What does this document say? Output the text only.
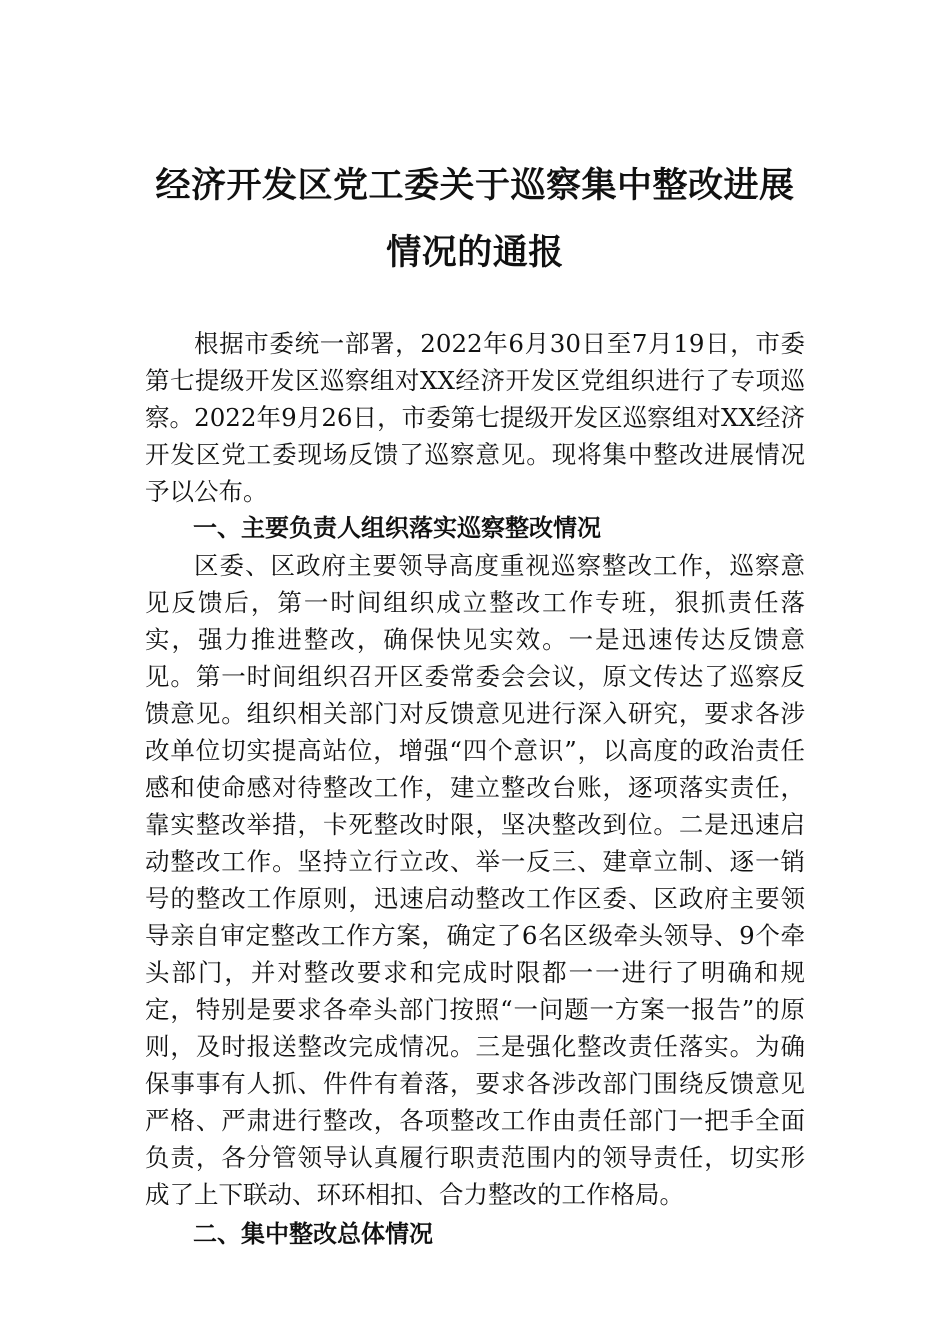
经济开发区党工委关于巡察集中整改进展
情况的通报

根据市委统一部署，2022年6月30日至7月19日，市委第七提级开发区巡察组对XX经济开发区党组织进行了专项巡察。2022年9月26日，市委第七提级开发区巡察组对XX经济开发区党工委现场反馈了巡察意见。现将集中整改进展情况予以公布。

一、主要负责人组织落实巡察整改情况

区委、区政府主要领导高度重视巡察整改工作，巡察意见反馈后，第一时间组织成立整改工作专班，狠抓责任落实，强力推进整改，确保快见实效。一是迅速传达反馈意见。第一时间组织召开区委常委会会议，原文传达了巡察反馈意见。组织相关部门对反馈意见进行深入研究，要求各涉改单位切实提高站位，增强“四个意识”，以高度的政治责任感和使命感对待整改工作，建立整改台账，逐项落实责任，靠实整改举措，卡死整改时限，坚决整改到位。二是迅速启动整改工作。坚持立行立改、举一反三、建章立制、逐一销号的整改工作原则，迅速启动整改工作区委、区政府主要领导亲自审定整改工作方案，确定了6名区级牵头领导、9个牵头部门，并对整改要求和完成时限都一一进行了明确和规定，特别是要求各牵头部门按照“一问题一方案一报告”的原则，及时报送整改完成情况。三是强化整改责任落实。为确保事事有人抓、件件有着落，要求各涉改部门围绕反馈意见严格、严肃进行整改，各项整改工作由责任部门一把手全面负责，各分管领导认真履行职责范围内的领导责任，切实形成了上下联动、环环相扣、合力整改的工作格局。

二、集中整改总体情况
